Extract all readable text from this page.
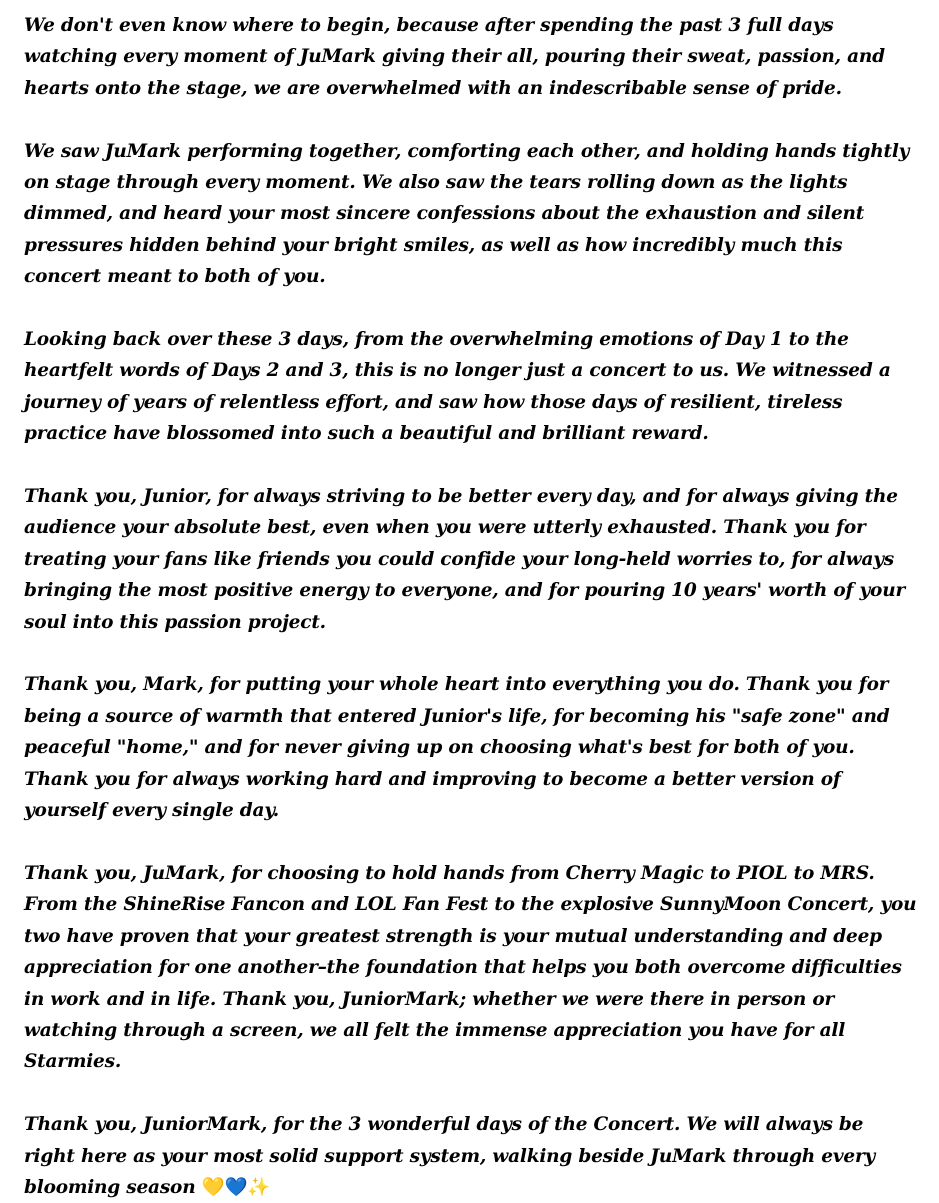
We don't even know where to begin, because after spending the past 3 full days watching every moment of JuMark giving their all, pouring their sweat, passion, and hearts onto the stage, we are overwhelmed with an indescribable sense of pride.

We saw JuMark performing together, comforting each other, and holding hands tightly on stage through every moment. We also saw the tears rolling down as the lights dimmed, and heard your most sincere confessions about the exhaustion and silent pressures hidden behind your bright smiles, as well as how incredibly much this concert meant to both of you.

Looking back over these 3 days, from the overwhelming emotions of Day 1 to the heartfelt words of Days 2 and 3, this is no longer just a concert to us. We witnessed a journey of years of relentless effort, and saw how those days of resilient, tireless practice have blossomed into such a beautiful and brilliant reward.

Thank you, Junior, for always striving to be better every day, and for always giving the audience your absolute best, even when you were utterly exhausted. Thank you for treating your fans like friends you could confide your long-held worries to, for always bringing the most positive energy to everyone, and for pouring 10 years' worth of your soul into this passion project.

Thank you, Mark, for putting your whole heart into everything you do. Thank you for being a source of warmth that entered Junior's life, for becoming his "safe zone" and peaceful "home," and for never giving up on choosing what's best for both of you. Thank you for always working hard and improving to become a better version of yourself every single day.

Thank you, JuMark, for choosing to hold hands from Cherry Magic to PIOL to MRS. From the ShineRise Fancon and LOL Fan Fest to the explosive SunnyMoon Concert, you two have proven that your greatest strength is your mutual understanding and deep appreciation for one another–the foundation that helps you both overcome difficulties in work and in life. Thank you, JuniorMark; whether we were there in person or watching through a screen, we all felt the immense appreciation you have for all Starmies.

Thank you, JuniorMark, for the 3 wonderful days of the Concert. We will always be right here as your most solid support system, walking beside JuMark through every blooming season 💛💙✨
